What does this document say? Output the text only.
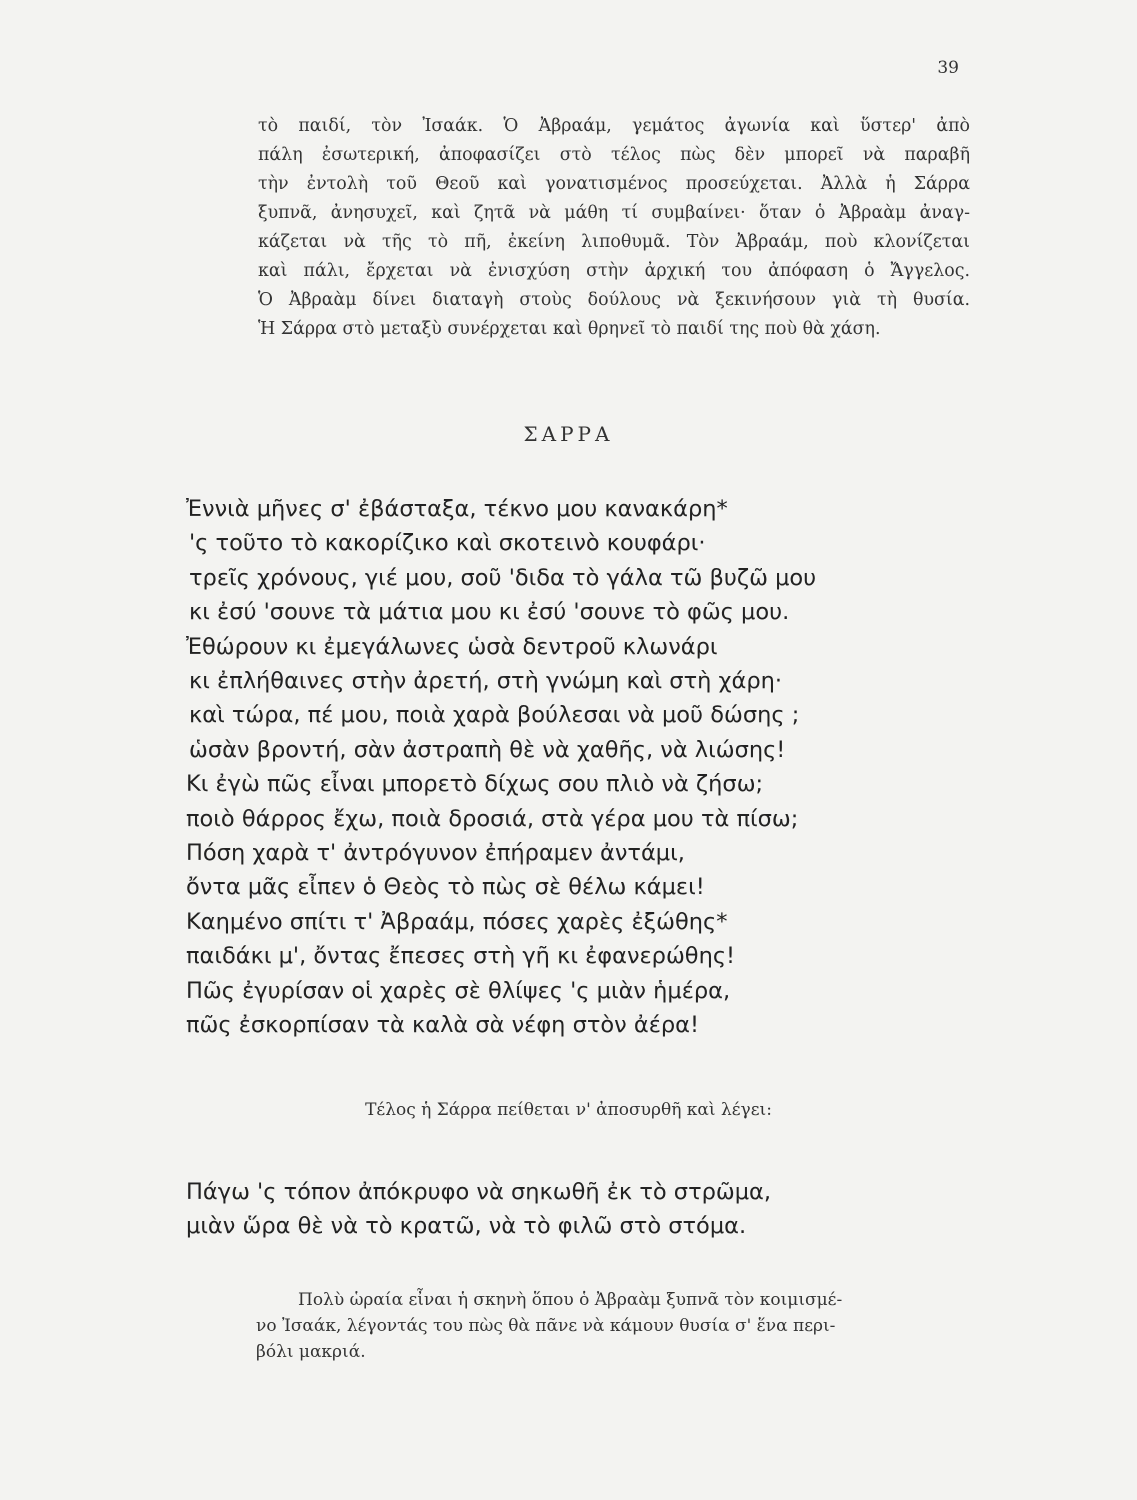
39
τὸ παιδί, τὸν Ἰσαάκ. Ὁ Ἀβραάμ, γεμάτος ἀγωνία καὶ ὕστερ' ἀπὸ
πάλη ἐσωτερική, ἀποφασίζει στὸ τέλος πὼς δὲν μπορεῖ νὰ παραβῆ
τὴν ἐντολὴ τοῦ Θεοῦ καὶ γονατισμένος προσεύχεται. Ἀλλὰ ἡ Σάρρα
ξυπνᾶ, ἀνησυχεῖ, καὶ ζητᾶ νὰ μάθη τί συμβαίνει· ὅταν ὁ Ἀβραὰμ ἀναγ-
κάζεται νὰ τῆς τὸ πῆ, ἐκείνη λιποθυμᾶ. Τὸν Ἀβραάμ, ποὺ κλονίζεται
καὶ πάλι, ἔρχεται νὰ ἐνισχύση στὴν ἀρχική του ἀπόφαση ὁ Ἄγγελος.
Ὁ Ἀβραὰμ δίνει διαταγὴ στοὺς δούλους νὰ ξεκινήσουν γιὰ τὴ θυσία.
Ἡ Σάρρα στὸ μεταξὺ συνέρχεται καὶ θρηνεῖ τὸ παιδί της ποὺ θὰ χάση.
ΣΑΡΡΑ
Ἐννιὰ μῆνες σ' ἐβάσταξα, τέκνο μου κανακάρη*
'ς τοῦτο τὸ κακορίζικο καὶ σκοτεινὸ κουφάρι·
τρεῖς χρόνους, γιέ μου, σοῦ 'διδα τὸ γάλα τῶ βυζῶ μου
κι ἐσύ 'σουνε τὰ μάτια μου κι ἐσύ 'σουνε τὸ φῶς μου.
Ἐθώρουν κι ἐμεγάλωνες ὡσὰ δεντροῦ κλωνάρι
κι ἐπλήθαινες στὴν ἀρετή, στὴ γνώμη καὶ στὴ χάρη·
καὶ τώρα, πέ μου, ποιὰ χαρὰ βούλεσαι νὰ μοῦ δώσης ;
ὡσὰν βροντή, σὰν ἀστραπὴ θὲ νὰ χαθῆς, νὰ λιώσης!
Κι ἐγὼ πῶς εἶναι μπορετὸ δίχως σου πλιὸ νὰ ζήσω;
ποιὸ θάρρος ἔχω, ποιὰ δροσιά, στὰ γέρα μου τὰ πίσω;
Πόση χαρὰ τ' ἀντρόγυνον ἐπήραμεν ἀντάμι,
ὄντα μᾶς εἶπεν ὁ Θεὸς τὸ πὼς σὲ θέλω κάμει!
Καημένο σπίτι τ' Ἀβραάμ, πόσες χαρὲς ἐξώθης*
παιδάκι μ', ὄντας ἔπεσες στὴ γῆ κι ἐφανερώθης!
Πῶς ἐγυρίσαν οἱ χαρὲς σὲ θλίψες 'ς μιὰν ἡμέρα,
πῶς ἐσκορπίσαν τὰ καλὰ σὰ νέφη στὸν ἀέρα!
Τέλος ἡ Σάρρα πείθεται ν' ἀποσυρθῆ καὶ λέγει:
Πάγω 'ς τόπον ἀπόκρυφο νὰ σηκωθῆ ἐκ τὸ στρῶμα,
μιὰν ὥρα θὲ νὰ τὸ κρατῶ, νὰ τὸ φιλῶ στὸ στόμα.
Πολὺ ὡραία εἶναι ἡ σκηνὴ ὅπου ὁ Ἀβραὰμ ξυπνᾶ τὸν κοιμισμέ-
νο Ἰσαάκ, λέγοντάς του πὼς θὰ πᾶνε νὰ κάμουν θυσία σ' ἕνα περι-
βόλι μακριά.
